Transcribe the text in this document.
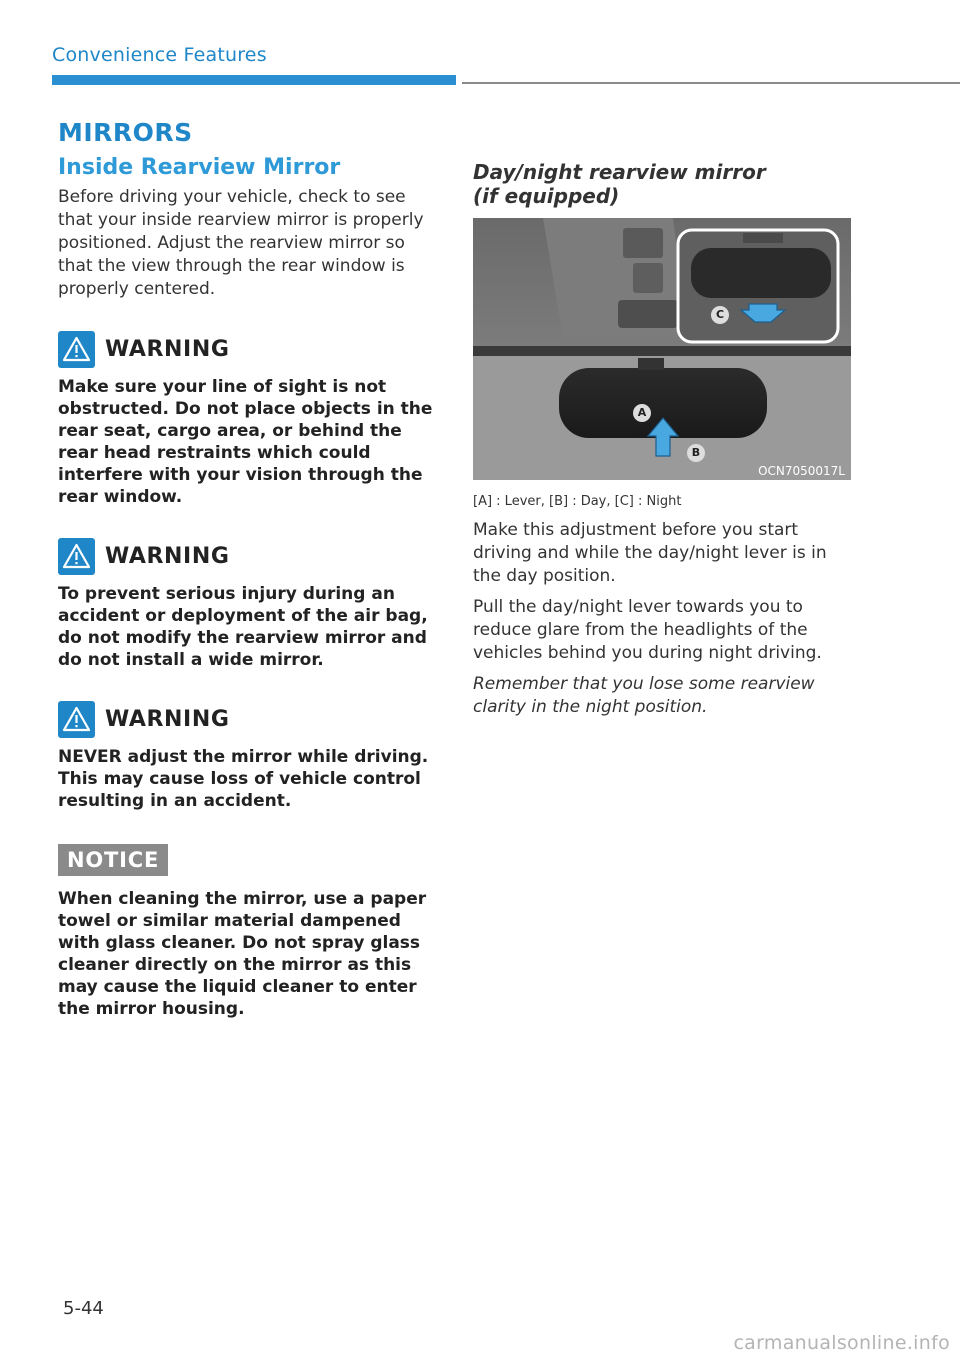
Convenience Features
MIRRORS
Inside Rearview Mirror

Before driving your vehicle, check to see that your inside rearview mirror is properly positioned. Adjust the rearview mirror so that the view through the rear window is properly centered.

WARNING

Make sure your line of sight is not obstructed. Do not place objects in the rear seat, cargo area, or behind the rear head restraints which could interfere with your vision through the rear window.

WARNING

To prevent serious injury during an accident or deployment of the air bag, do not modify the rearview mirror and do not install a wide mirror.

WARNING

NEVER adjust the mirror while driving. This may cause loss of vehicle control resulting in an accident.

NOTICE

When cleaning the mirror, use a paper towel or similar material dampened with glass cleaner. Do not spray glass cleaner directly on the mirror as this may cause the liquid cleaner to enter the mirror housing.

Day/night rearview mirror
(if equipped)

A
B
C
OCN7050017L

[A] : Lever, [B] : Day, [C] : Night

Make this adjustment before you start driving and while the day/night lever is in the day position.

Pull the day/night lever towards you to reduce glare from the headlights of the vehicles behind you during night driving.

Remember that you lose some rearview clarity in the night position.

5-44
carmanualsonline.info
